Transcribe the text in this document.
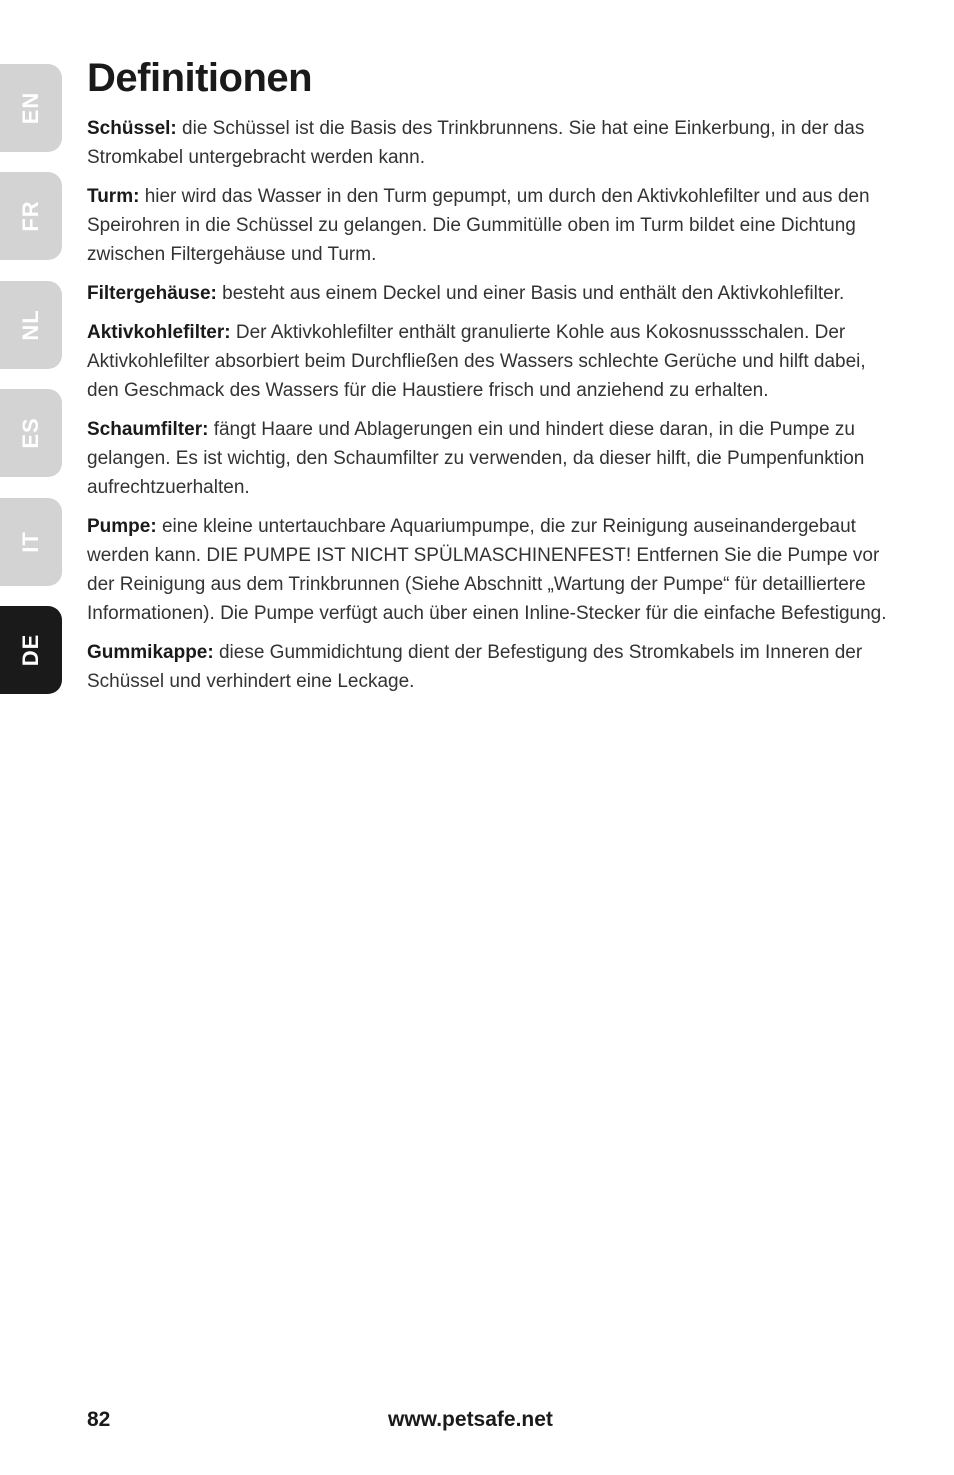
EN
FR
NL
ES
IT
DE
Definitionen

Schüssel: die Schüssel ist die Basis des Trinkbrunnens. Sie hat eine Einkerbung, in der das Stromkabel untergebracht werden kann.

Turm: hier wird das Wasser in den Turm gepumpt, um durch den Aktivkohlefilter und aus den Speirohren in die Schüssel zu gelangen. Die Gummitülle oben im Turm bildet eine Dichtung zwischen Filtergehäuse und Turm.

Filtergehäuse: besteht aus einem Deckel und einer Basis und enthält den Aktivkohlefilter.

Aktivkohlefilter: Der Aktivkohlefilter enthält granulierte Kohle aus Kokosnussschalen. Der Aktivkohlefilter absorbiert beim Durchfließen des Wassers schlechte Gerüche und hilft dabei, den Geschmack des Wassers für die Haustiere frisch und anziehend zu erhalten.

Schaumfilter: fängt Haare und Ablagerungen ein und hindert diese daran, in die Pumpe zu gelangen. Es ist wichtig, den Schaumfilter zu verwenden, da dieser hilft, die Pumpenfunktion aufrechtzuerhalten.

Pumpe: eine kleine untertauchbare Aquariumpumpe, die zur Reinigung auseinandergebaut werden kann. DIE PUMPE IST NICHT SPÜLMASCHINENFEST! Entfernen Sie die Pumpe vor der Reinigung aus dem Trinkbrunnen (Siehe Abschnitt „Wartung der Pumpe“ für detailliertere Informationen). Die Pumpe verfügt auch über einen Inline-Stecker für die einfache Befestigung.

Gummikappe: diese Gummidichtung dient der Befestigung des Stromkabels im Inneren der Schüssel und verhindert eine Leckage.

82	www.petsafe.net
